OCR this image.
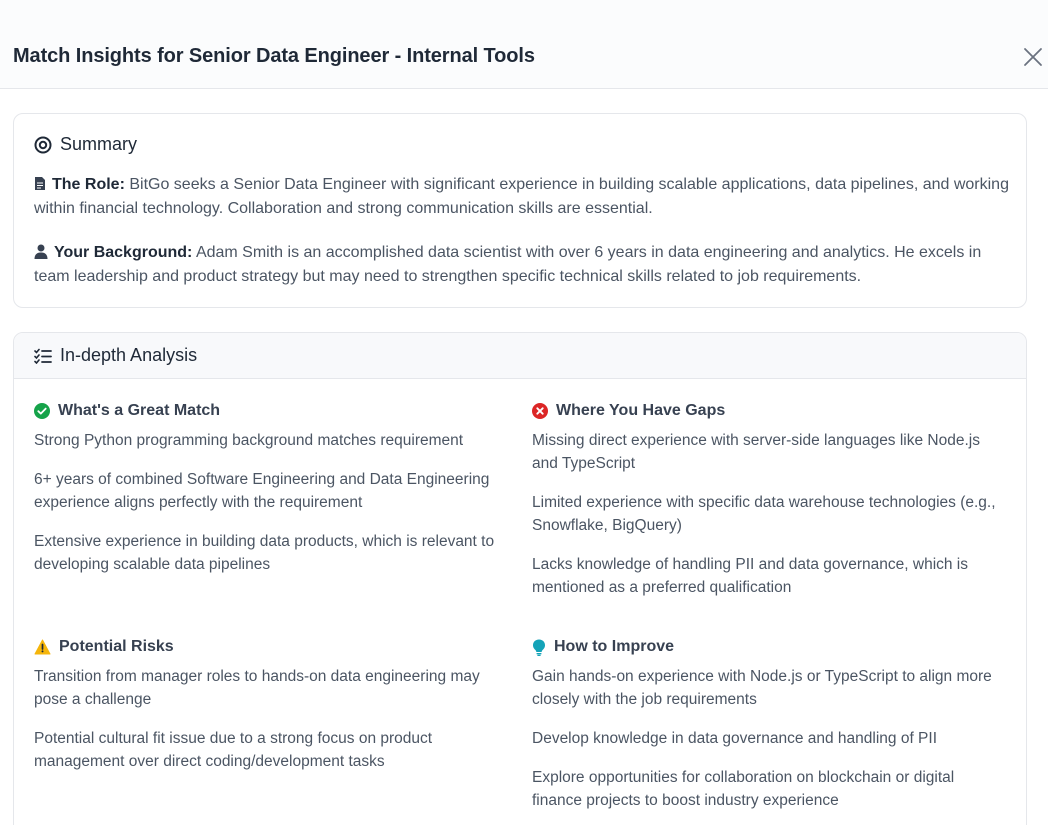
Match Insights for Senior Data Engineer - Internal Tools
Summary
The Role: BitGo seeks a Senior Data Engineer with significant experience in building scalable applications, data pipelines, and working within financial technology. Collaboration and strong communication skills are essential.
Your Background: Adam Smith is an accomplished data scientist with over 6 years in data engineering and analytics. He excels in team leadership and product strategy but may need to strengthen specific technical skills related to job requirements.
In-depth Analysis
What's a Great Match
Strong Python programming background matches requirement
6+ years of combined Software Engineering and Data Engineering experience aligns perfectly with the requirement
Extensive experience in building data products, which is relevant to developing scalable data pipelines
Where You Have Gaps
Missing direct experience with server-side languages like Node.js and TypeScript
Limited experience with specific data warehouse technologies (e.g., Snowflake, BigQuery)
Lacks knowledge of handling PII and data governance, which is mentioned as a preferred qualification
Potential Risks
Transition from manager roles to hands-on data engineering may pose a challenge
Potential cultural fit issue due to a strong focus on product management over direct coding/development tasks
How to Improve
Gain hands-on experience with Node.js or TypeScript to align more closely with the job requirements
Develop knowledge in data governance and handling of PII
Explore opportunities for collaboration on blockchain or digital finance projects to boost industry experience
